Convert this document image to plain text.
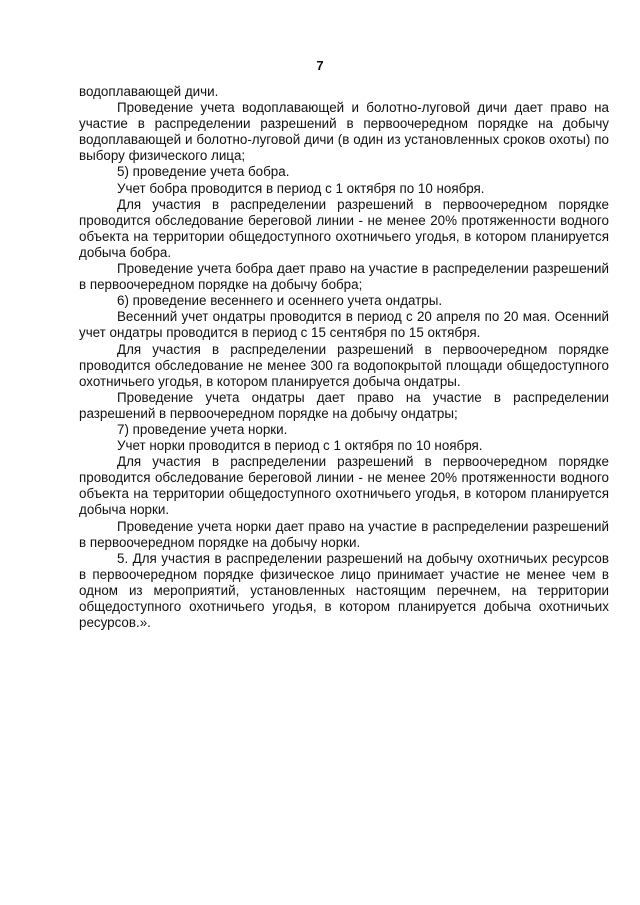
7

водоплавающей дичи.

Проведение учета водоплавающей и болотно-луговой дичи дает право на участие в распределении разрешений в первоочередном порядке на добычу водоплавающей и болотно-луговой дичи (в один из установленных сроков охоты) по выбору физического лица;

5) проведение учета бобра.

Учет бобра проводится в период с 1 октября по 10 ноября.

Для участия в распределении разрешений в первоочередном порядке проводится обследование береговой линии - не менее 20% протяженности водного объекта на территории общедоступного охотничьего угодья, в котором планируется добыча бобра.

Проведение учета бобра дает право на участие в распределении разрешений в первоочередном порядке на добычу бобра;

6) проведение весеннего и осеннего учета ондатры.

Весенний учет ондатры проводится в период с 20 апреля по 20 мая. Осенний учет ондатры проводится в период с 15 сентября по 15 октября.

Для участия в распределении разрешений в первоочередном порядке проводится обследование не менее 300 га водопокрытой площади общедоступного охотничьего угодья, в котором планируется добыча ондатры.

Проведение учета ондатры дает право на участие в распределении разрешений в первоочередном порядке на добычу ондатры;

7) проведение учета норки.

Учет норки проводится в период с 1 октября по 10 ноября.

Для участия в распределении разрешений в первоочередном порядке проводится обследование береговой линии - не менее 20% протяженности водного объекта на территории общедоступного охотничьего угодья, в котором планируется добыча норки.

Проведение учета норки дает право на участие в распределении разрешений в первоочередном порядке на добычу норки.

5. Для участия в распределении разрешений на добычу охотничьих ресурсов в первоочередном порядке физическое лицо принимает участие не менее чем в одном из мероприятий, установленных настоящим перечнем, на территории общедоступного охотничьего угодья, в котором планируется добыча охотничьих ресурсов.».
